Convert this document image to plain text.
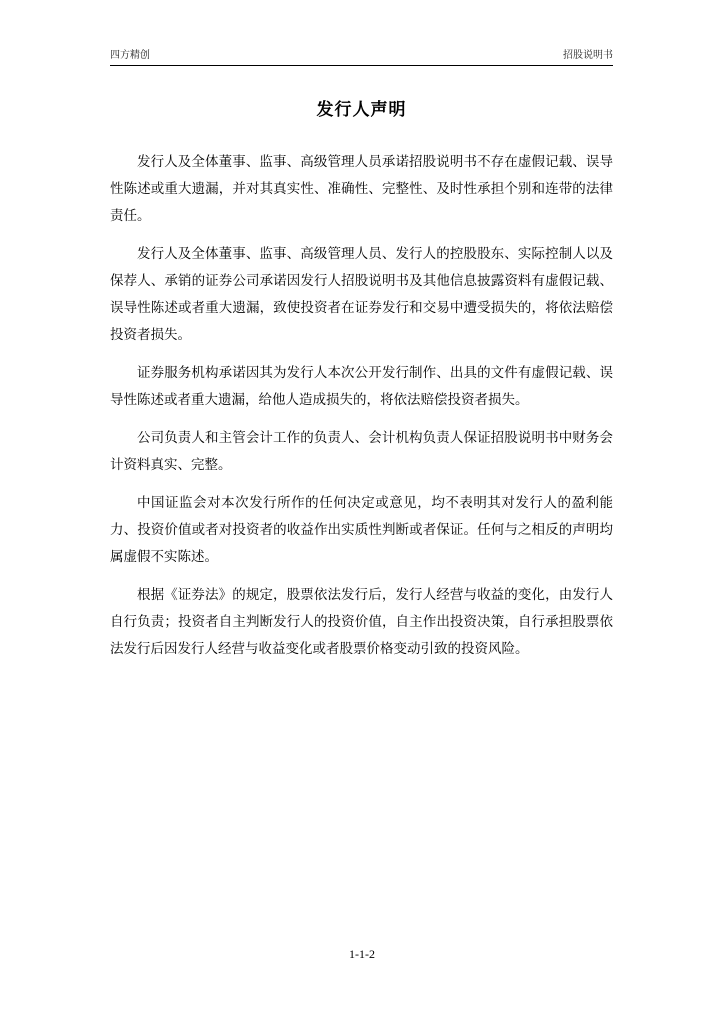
四方精创	招股说明书
发行人声明

发行人及全体董事、监事、高级管理人员承诺招股说明书不存在虚假记载、误导性陈述或重大遗漏，并对其真实性、准确性、完整性、及时性承担个别和连带的法律责任。

发行人及全体董事、监事、高级管理人员、发行人的控股股东、实际控制人以及保荐人、承销的证券公司承诺因发行人招股说明书及其他信息披露资料有虚假记载、误导性陈述或者重大遗漏，致使投资者在证券发行和交易中遭受损失的，将依法赔偿投资者损失。

证券服务机构承诺因其为发行人本次公开发行制作、出具的文件有虚假记载、误导性陈述或者重大遗漏，给他人造成损失的，将依法赔偿投资者损失。

公司负责人和主管会计工作的负责人、会计机构负责人保证招股说明书中财务会计资料真实、完整。

中国证监会对本次发行所作的任何决定或意见，均不表明其对发行人的盈利能力、投资价值或者对投资者的收益作出实质性判断或者保证。任何与之相反的声明均属虚假不实陈述。

根据《证券法》的规定，股票依法发行后，发行人经营与收益的变化，由发行人自行负责；投资者自主判断发行人的投资价值，自主作出投资决策，自行承担股票依法发行后因发行人经营与收益变化或者股票价格变动引致的投资风险。

1-1-2
